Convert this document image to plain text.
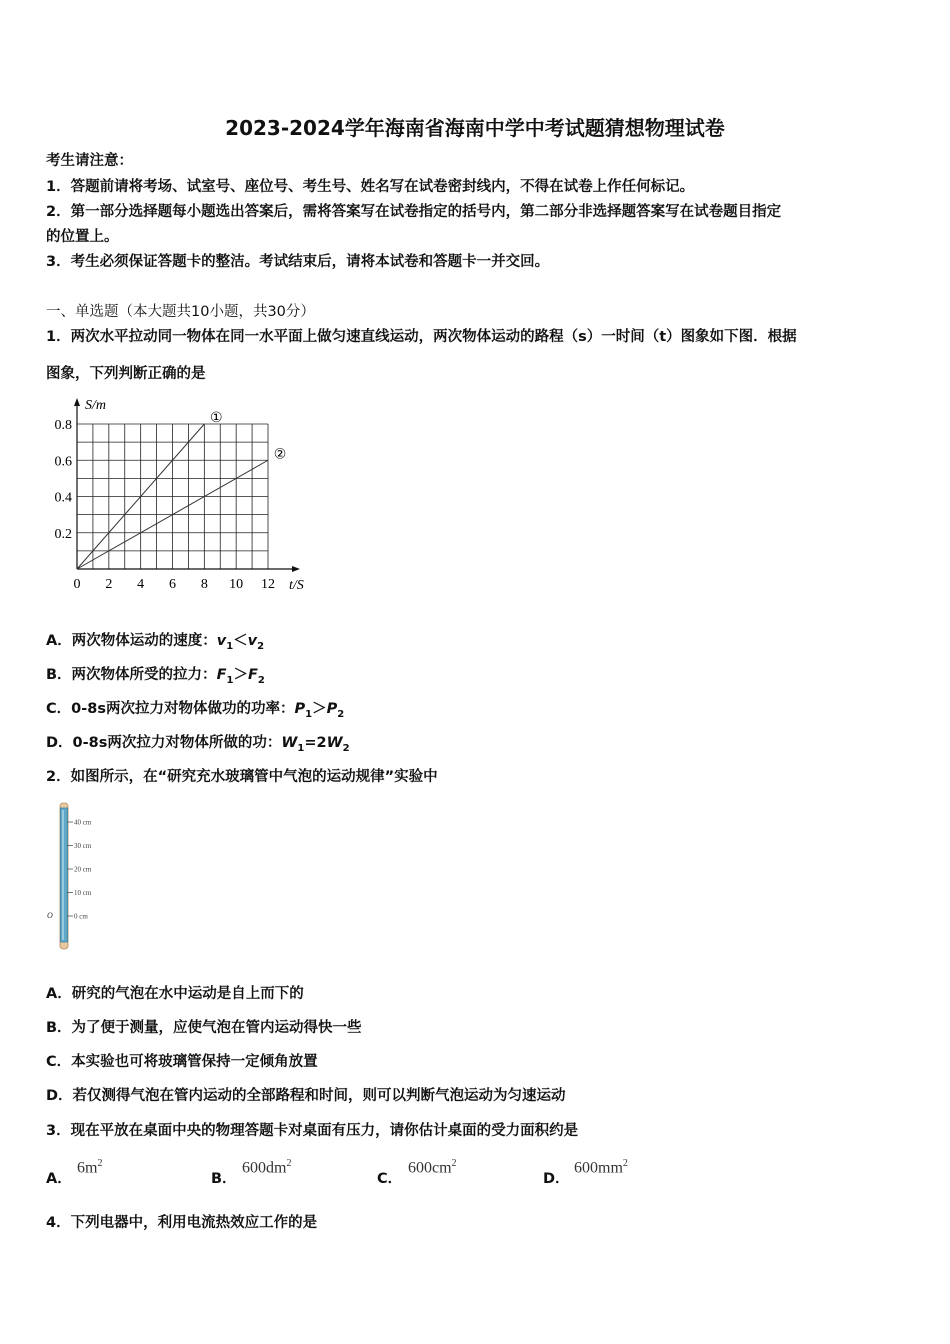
2023-2024学年海南省海南中学中考试题猜想物理试卷
考生请注意：
1．答题前请将考场、试室号、座位号、考生号、姓名写在试卷密封线内，不得在试卷上作任何标记。
2．第一部分选择题每小题选出答案后，需将答案写在试卷指定的括号内，第二部分非选择题答案写在试卷题目指定
的位置上。
3．考生必须保证答题卡的整洁。考试结束后，请将本试卷和答题卡一并交回。
一、单选题（本大题共10小题，共30分）
1．两次水平拉动同一物体在同一水平面上做匀速直线运动，两次物体运动的路程（s）一时间（t）图象如下图．根据
图象，下列判断正确的是
S/m
t/S
0 2 4 6 8 10 12
0.2
0.4
0.6
0.8	①
②
A．两次物体运动的速度：$v_1<v_2$
B．两次物体所受的拉力：$F_1>F_2$
C．0-8s两次拉力对物体做功的功率：$P_1>P_2$
D．0-8s两次拉力对物体所做的功：$W_1=2W_2$
2．如图所示，在“研究充水玻璃管中气泡的运动规律”实验中
40 cm
30 cm
20 cm
10 cm
0 cm
O
A．研究的气泡在水中运动是自上而下的
B．为了便于测量，应使气泡在管内运动得快一些
C．本实验也可将玻璃管保持一定倾角放置
D．若仅测得气泡在管内运动的全部路程和时间，则可以判断气泡运动为匀速运动
3．现在平放在桌面中央的物理答题卡对桌面有压力，请你估计桌面的受力面积约是
A．
$6m^2$
B．
$600dm^2$
C．
$600cm^2$
D．
$600mm^2$
4．下列电器中，利用电流热效应工作的是
